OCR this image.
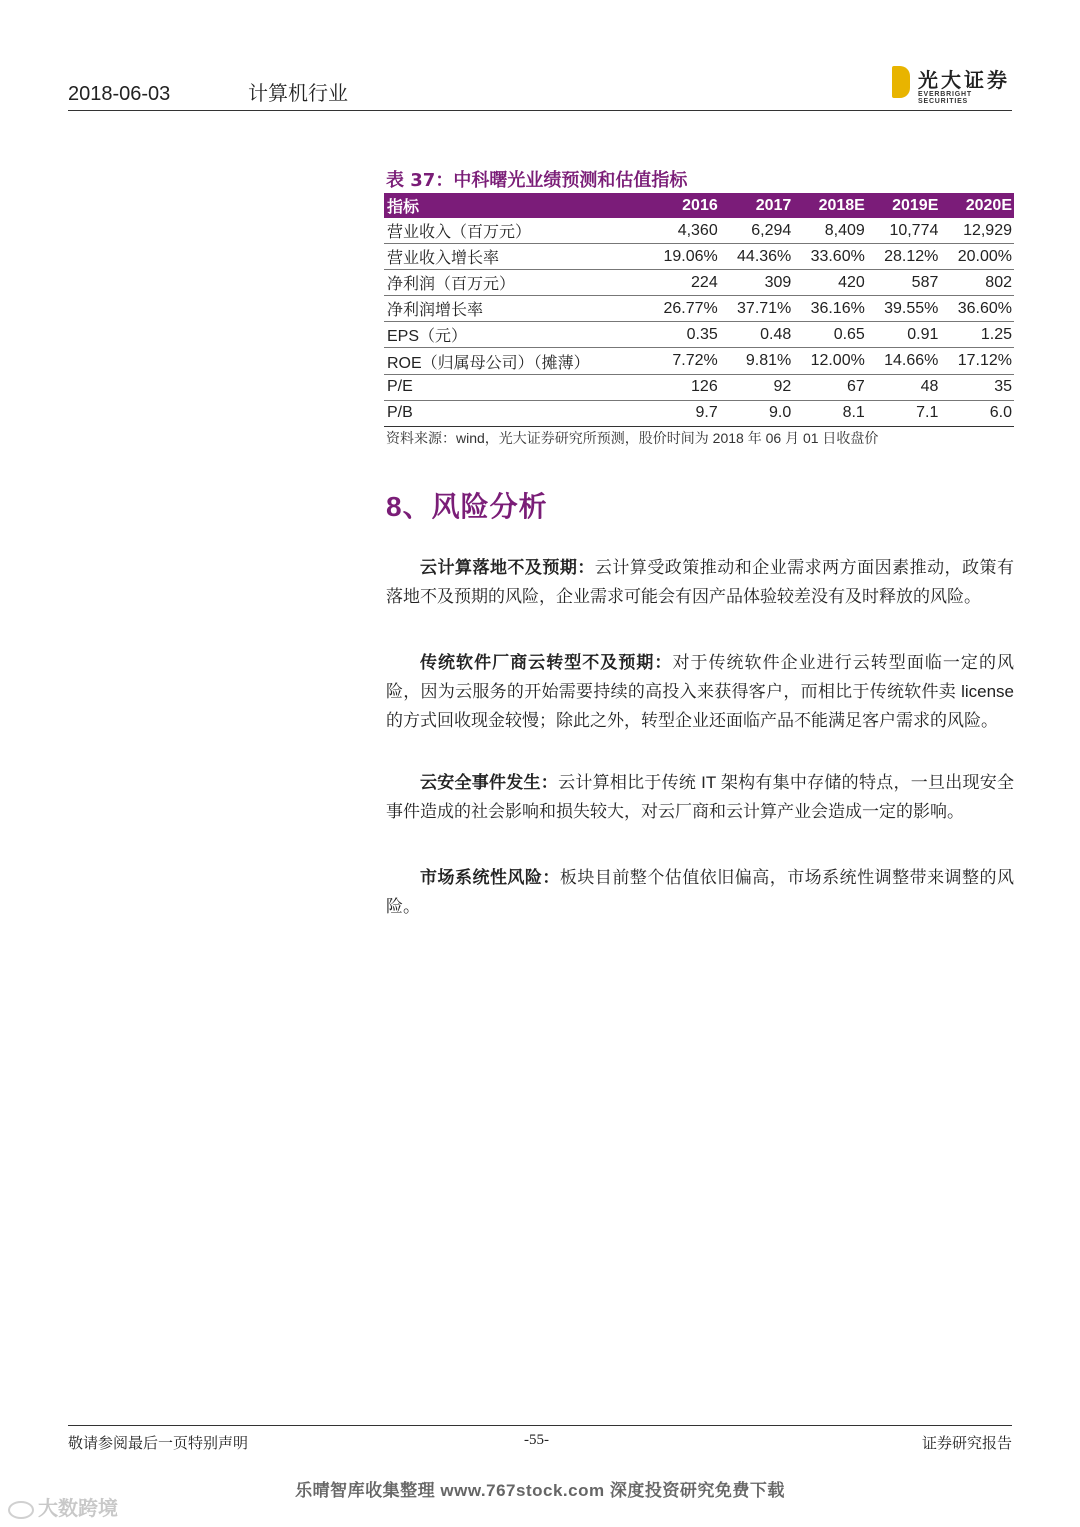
2018-06-03	计算机行业
光大证券
EVERBRIGHT SECURITIES
表 37：中科曙光业绩预测和估值指标
指标	2016	2017	2018E	2019E	2020E
营业收入（百万元）	4,360	6,294	8,409	10,774	12,929
营业收入增长率	19.06%	44.36%	33.60%	28.12%	20.00%
净利润（百万元）	224	309	420	587	802
净利润增长率	26.77%	37.71%	36.16%	39.55%	36.60%
EPS（元）	0.35	0.48	0.65	0.91	1.25
ROE（归属母公司）（摊薄）	7.72%	9.81%	12.00%	14.66%	17.12%
P/E	126	92	67	48	35
P/B	9.7	9.0	8.1	7.1	6.0
资料来源：wind，光大证券研究所预测，股价时间为 2018 年 06 月 01 日收盘价
8、风险分析

云计算落地不及预期：云计算受政策推动和企业需求两方面因素推动，政策有落地不及预期的风险，企业需求可能会有因产品体验较差没有及时释放的风险。

传统软件厂商云转型不及预期：对于传统软件企业进行云转型面临一定的风险，因为云服务的开始需要持续的高投入来获得客户，而相比于传统软件卖 license 的方式回收现金较慢；除此之外，转型企业还面临产品不能满足客户需求的风险。

云安全事件发生：云计算相比于传统 IT 架构有集中存储的特点，一旦出现安全事件造成的社会影响和损失较大，对云厂商和云计算产业会造成一定的影响。

市场系统性风险：板块目前整个估值依旧偏高，市场系统性调整带来调整的风险。

敬请参阅最后一页特别声明	-55-	证券研究报告
乐晴智库收集整理 www.767stock.com 深度投资研究免费下载
大数跨境
